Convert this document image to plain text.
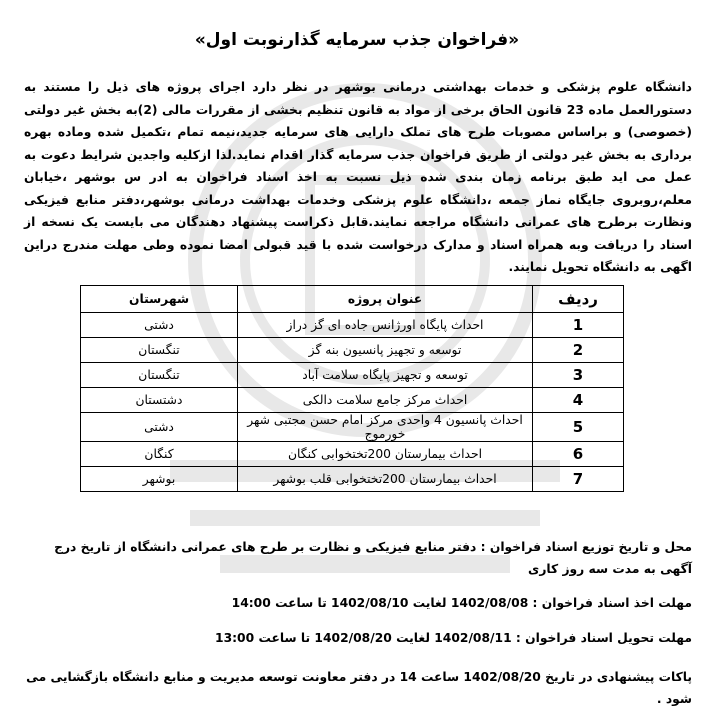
«فراخوان جذب سرمایه گذارنوبت اول»
دانشگاه علوم پزشکی و خدمات بهداشتی درمانی بوشهر در نظر دارد اجرای پروژه های ذیل را مستند به دستورالعمل ماده 23 قانون الحاق برخی از مواد به قانون تنظیم بخشی از مقررات مالی (2)به بخش غیر دولتی (خصوصی) و براساس مصوبات طرح های تملک دارایی های سرمایه جدید،نیمه تمام ،تکمیل شده وماده بهره برداری به بخش غیر دولتی از طریق فراخوان جذب سرمایه گذار اقدام نماید.لذا ازکلیه واجدین شرایط دعوت به عمل می اید طبق برنامه زمان بندی شده ذیل نسبت به اخذ اسناد فراخوان به ادر س بوشهر ،خیابان معلم،روبروی جایگاه نماز جمعه ،دانشگاه علوم پزشکی وخدمات بهداشت درمانی بوشهر،دفتر منابع فیزیکی ونظارت برطرح های عمرانی دانشگاه مراجعه نمایند.قابل ذکراست پیشنهاد دهندگان می بایست یک نسخه از اسناد را دریافت وبه همراه اسناد و مدارک درخواست شده با قید قبولی امضا نموده وطی مهلت مندرج دراین اگهی به دانشگاه تحویل نمایند.
ردیف	عنوان پروژه	شهرستان
1	احداث پایگاه اورژانس جاده ای گز دراز	دشتی
2	توسعه و تجهیز پانسیون بنه گز	تنگستان
3	توسعه و تجهیز پایگاه سلامت آباد	تنگستان
4	احداث مرکز جامع سلامت دالکی	دشتستان
5	احداث پانسیون 4 واحدی مرکز امام حسن مجتبی شهر خورموج	دشتی
6	احداث بیمارستان 200تختخوابی کنگان	کنگان
7	احداث بیمارستان 200تختخوابی قلب بوشهر	بوشهر
محل و تاریخ توزیع اسناد فراخوان : دفتر منابع فیزیکی و نظارت بر طرح های عمرانی دانشگاه از تاریخ درج آگهی به مدت سه روز کاری
مهلت اخذ اسناد فراخوان : 1402/08/08 لغایت 1402/08/10 تا ساعت 14:00
مهلت تحویل اسناد فراخوان : 1402/08/11 لغایت 1402/08/20 تا ساعت 13:00
پاکات پیشنهادی در تاریخ 1402/08/20 ساعت 14 در دفتر معاونت توسعه مدیریت و منابع دانشگاه بازگشایی می شود .
